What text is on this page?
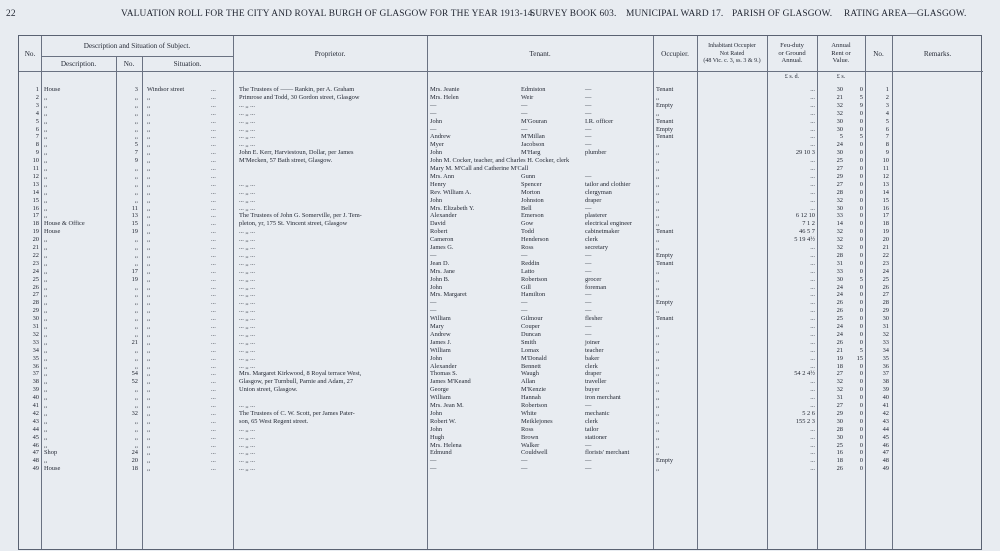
22	VALUATION ROLL FOR THE CITY AND ROYAL BURGH OF GLASGOW FOR THE YEAR 1913-14.
SURVEY BOOK 603. MUNICIPAL WARD 17. PARISH OF GLASGOW. RATING AREA—GLASGOW.
No.
Description and Situation of Subject.
Description.	No.	Situation.
Proprietor.	Tenant.	Occupier.
Inhabitant Occupier
Not Rated
(48 Vic. c. 3, ss. 3 & 9.)
Feu-duty
or Ground
Annual.
£ s. d.
Annual
Rent or
Value.
£ s.
No.	Remarks.
1 House	3 Windsor street	...	The Trustees of —— Rankin, per A. Graham	Mrs. Jeanie	Edmiston	—	Tenant	...	30	0	1
2 ,,	,, ,,	...	Primrose and Todd, 30 Gordon street, Glasgow	Mrs. Helen	Weir	—	,,	...	21	5	2
3 ,,	,, ,,	...	... ,, ...	—	—	—	Empty	...	32	9	3
4 ,,	,, ,,	...	... ,, ...	—	—	—	,,	...	32	0	4
5 ,,	,, ,,	...	... ,, ...	John	M'Gouran	I.R. officer	Tenant	...	30	0	5
6 ,,	,, ,,	...	... ,, ...	—	—	—	Empty	...	30	0	6
7 ,,	,, ,,	...	... ,, ...	Andrew	M'Millan	—	Tenant	...	5	5	7
8 ,,	5 ,,	...	... ,, ...	Myer	Jacobson	—	,,	...	24	0	8
9 ,,	7 ,,	...	John E. Kerr, Harviestoun, Dollar, per James	John	M'Harg	plumber	,,	29 10 3	30	0	9
10 ,,	9 ,,	...	M'Mecken, 57 Bath street, Glasgow.	John M. Cocker, teacher, and Charles H. Cocker, clerk	,,	...	25	0	10
11 ,,	,, ,,	...	Mary M. M'Call and Catherine M'Call	,,	...	27	0	11
12 ,,	,, ,,	...	Mrs. Ann	Gunn	—	,,	...	29	0	12
13 ,,	,, ,,	...	... ,, ...	Henry	Spencer	tailor and clothier	,,	...	27	0	13
14 ,,	,, ,,	...	... ,, ...	Rev. William A.	Morton	clergyman	,,	...	28	0	14
15 ,,	,, ,,	...	... ,, ...	John	Johnston	draper	,,	...	32	0	15
16 ,,	11 ,,	...	... ,, ...	Mrs. Elizabeth Y.	Bell	—	,,	...	30	0	16
17 ,,	13 ,,	...	The Trustees of John G. Somerville, per J. Tem-	Alexander	Emerson	plasterer	,,	6 12 10	33	0	17
18 House & Office	15 ,,	...	pleton, yr, 175 St. Vincent street, Glasgow	David	Gow	electrical engineer	,,	7 1 2	14	0	18
19 House	19 ,,	...	... ,, ...	Robert	Todd	cabinetmaker	Tenant	46 5 7	32	0	19
20 ,,	,, ,,	...	... ,, ...	Cameron	Henderson	clerk	,,	5 19 4½	32	0	20
21 ,,	,, ,,	...	... ,, ...	James G.	Ross	secretary	,,	...	32	0	21
22 ,,	,, ,,	...	... ,, ...	—	—	—	Empty	...	28	0	22
23 ,,	,, ,,	...	... ,, ...	Jean D.	Reddin	—	Tenant	...	31	0	23
24 ,,	17 ,,	...	... ,, ...	Mrs. Jane	Latto	—	,,	...	33	0	24
25 ,,	19 ,,	...	... ,, ...	John B.	Robertson	grocer	,,	...	30	5	25
26 ,,	,, ,,	...	... ,, ...	John	Gill	foreman	,,	...	24	0	26
27 ,,	,, ,,	...	... ,, ...	Mrs. Margaret	Hamilton	—	,,	...	24	0	27
28 ,,	,, ,,	...	... ,, ...	—	—	—	Empty	...	26	0	28
29 ,,	,, ,,	...	... ,, ...	—	—	—	,,	...	26	0	29
30 ,,	,, ,,	...	... ,, ...	William	Gilmour	flesher	Tenant	...	25	0	30
31 ,,	,, ,,	...	... ,, ...	Mary	Couper	—	,,	...	24	0	31
32 ,,	,, ,,	...	... ,, ...	Andrew	Duncan	—	,,	...	24	0	32
33 ,,	21 ,,	...	... ,, ...	James J.	Smith	joiner	,,	...	26	0	33
34 ,,	,, ,,	...	... ,, ...	William	Lomax	teacher	,,	...	21	5	34
35 ,,	,, ,,	...	... ,, ...	John	M'Donald	baker	,,	...	19	15	35
36 ,,	,, ,,	...	... ,, ...	Alexander	Bennett	clerk	,,	...	18	0	36
37 ,,	54 ,,	...	Mrs. Margaret Kirkwood, 8 Royal terrace West,	Thomas S.	Waugh	draper	,,	54 2 4½	27	0	37
38 ,,	52 ,,	...	Glasgow, per Turnbull, Parnie and Adam, 27	James M'Keand	Allan	traveller	,,	...	32	0	38
39 ,,	,, ,,	...	Union street, Glasgow.	George	M'Kenzie	buyer	,,	...	32	0	39
40 ,,	,, ,,	...	William	Hannah	iron merchant	,,	...	31	0	40
41 ,,	,, ,,	...	... ,, ...	Mrs. Jean M.	Robertson	—	,,	...	27	0	41
42 ,,	32 ,,	...	The Trustees of C. W. Scott, per James Pater-	John	White	mechanic	,,	5 2 6	29	0	42
43 ,,	,, ,,	...	son, 65 West Regent street.	Robert W.	Meiklejones	clerk	,,	155 2 3	30	0	43
44 ,,	,, ,,	...	... ,, ...	John	Ross	tailor	,,	...	28	0	44
45 ,,	,, ,,	...	... ,, ...	Hugh	Brown	stationer	,,	...	30	0	45
46 ,,	,, ,,	...	... ,, ...	Mrs. Helena	Walker	—	,,	...	25	0	46
47 Shop	24 ,,	...	... ,, ...	Edmund	Couldwell	florists' merchant	,,	...	16	0	47
48 ,,	20 ,,	...	... ,, ...	—	—	—	Empty	...	18	0	48
49 House	18 ,,	...	... ,, ...	—	—	—	,,	...	26	0	49
